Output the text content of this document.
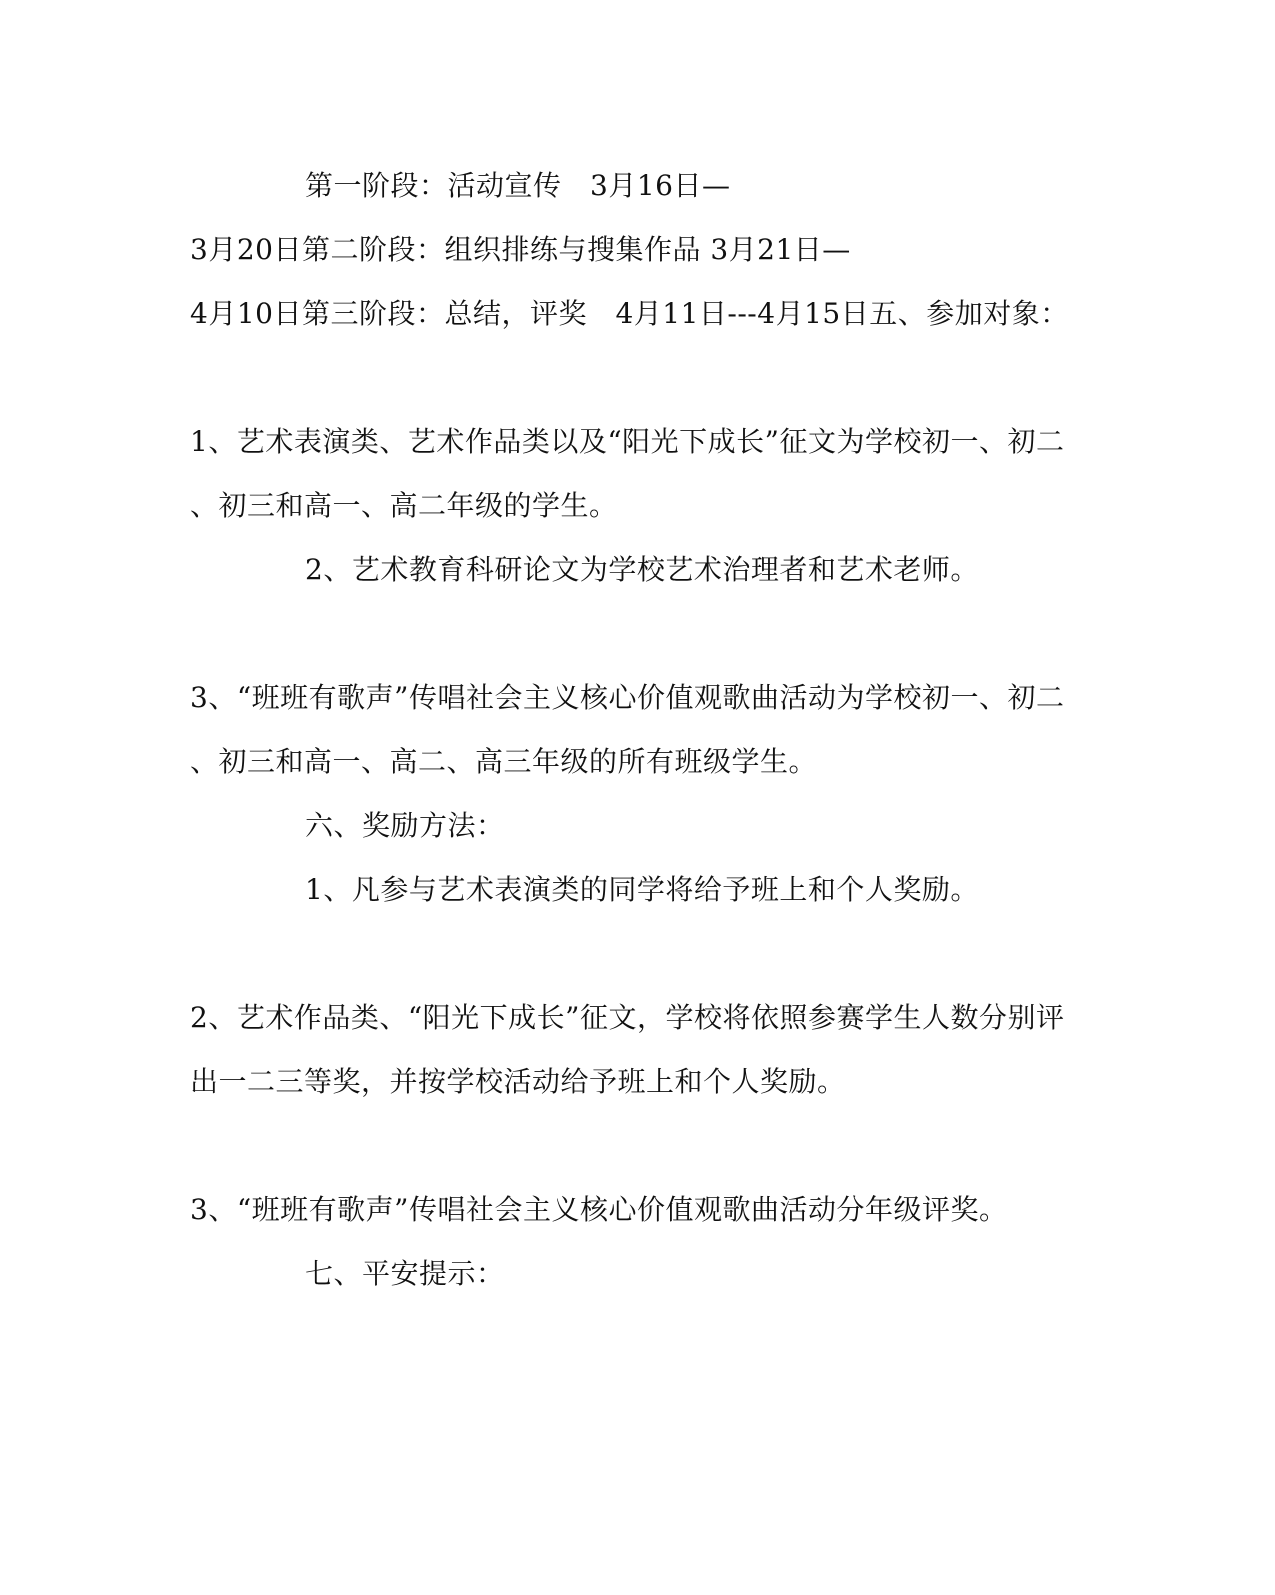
第一阶段：活动宣传　3月16日—
3月20日第二阶段：组织排练与搜集作品 3月21日—
4月10日第三阶段：总结，评奖　4月11日---4月15日五、参加对象：
1、艺术表演类、艺术作品类以及“阳光下成长”征文为学校初一、初二
、初三和高一、高二年级的学生。
2、艺术教育科研论文为学校艺术治理者和艺术老师。
3、“班班有歌声”传唱社会主义核心价值观歌曲活动为学校初一、初二
、初三和高一、高二、高三年级的所有班级学生。
六、奖励方法：
1、凡参与艺术表演类的同学将给予班上和个人奖励。
2、艺术作品类、“阳光下成长”征文，学校将依照参赛学生人数分别评
出一二三等奖，并按学校活动给予班上和个人奖励。
3、“班班有歌声”传唱社会主义核心价值观歌曲活动分年级评奖。
七、平安提示：
